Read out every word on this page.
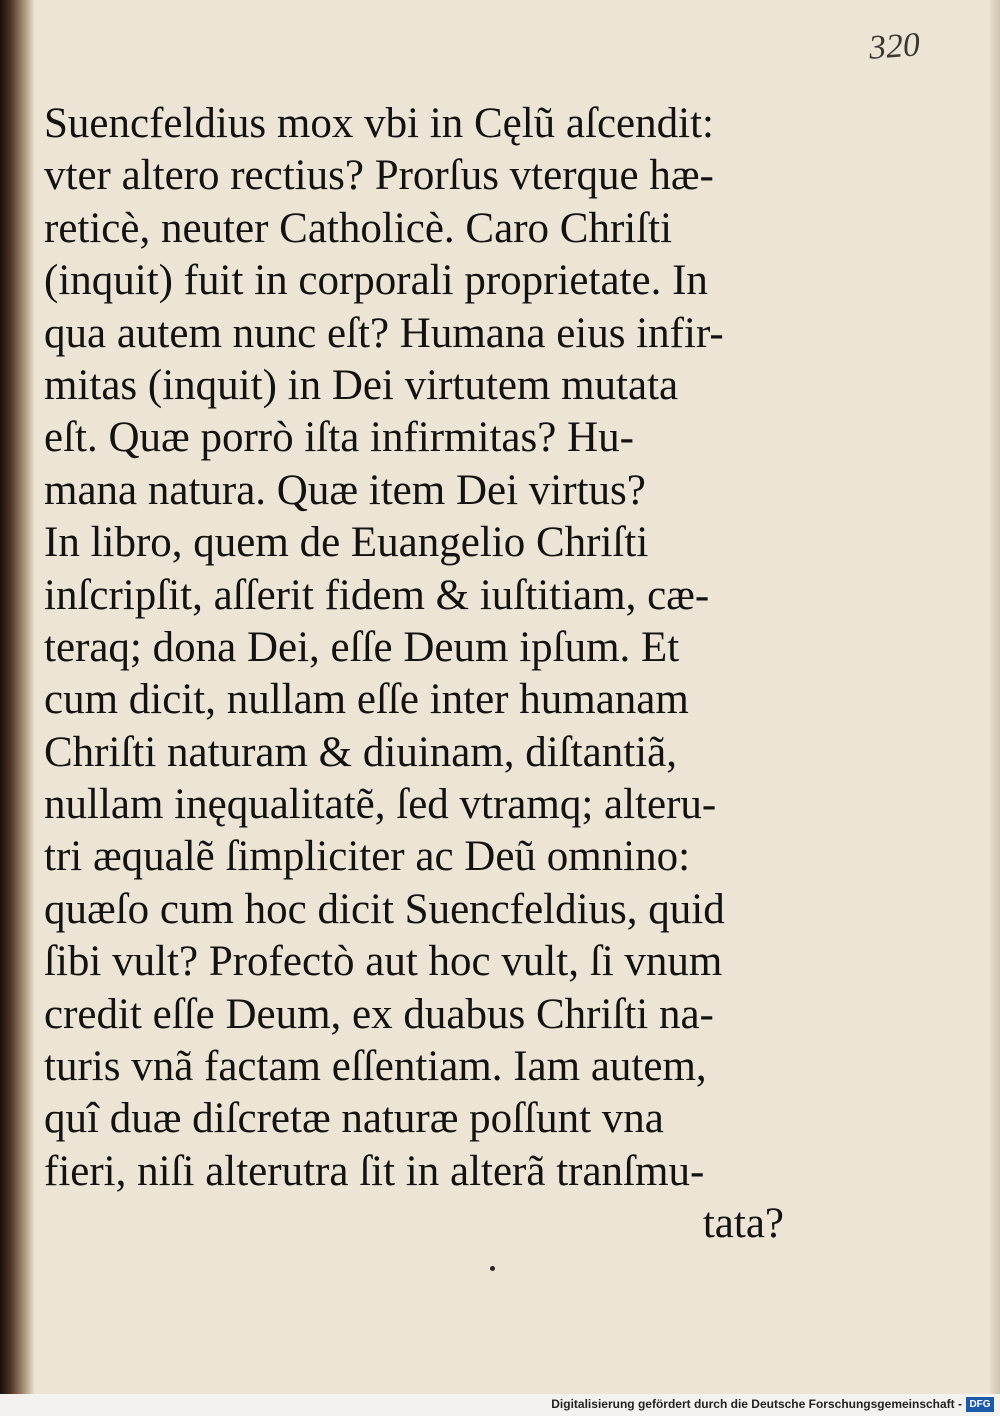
320
Suencfeldius mox vbi in Cęlũ aſcendit:
vter altero rectius? Prorſus vterque hæ-
reticè, neuter Catholicè. Caro Chriſti
(inquit) fuit in corporali proprietate. In
qua autem nunc eſt? Humana eius infir-
mitas (inquit) in Dei virtutem mutata
eſt. Quæ porrò iſta infirmitas? Hu-
mana natura. Quæ item Dei virtus?
In libro, quem de Euangelio Chriſti
inſcripſit, aſſerit fidem & iuſtitiam, cæ-
teraq; dona Dei, eſſe Deum ipſum. Et
cum dicit, nullam eſſe inter humanam
Chriſti naturam & diuinam, diſtantiã,
nullam inęqualitatẽ, ſed vtramq; alteru-
tri æqualẽ ſimpliciter ac Deũ omnino:
quæſo cum hoc dicit Suencfeldius, quid
ſibi vult? Profectò aut hoc vult, ſi vnum
credit eſſe Deum, ex duabus Chriſti na-
turis vnã factam eſſentiam. Iam autem,
quî duæ diſcretæ naturæ poſſunt vna
fieri, niſi alterutra ſit in alterã tranſmu-
tata?
Digitalisierung gefördert durch die Deutsche Forschungsgemeinschaft - DFG
